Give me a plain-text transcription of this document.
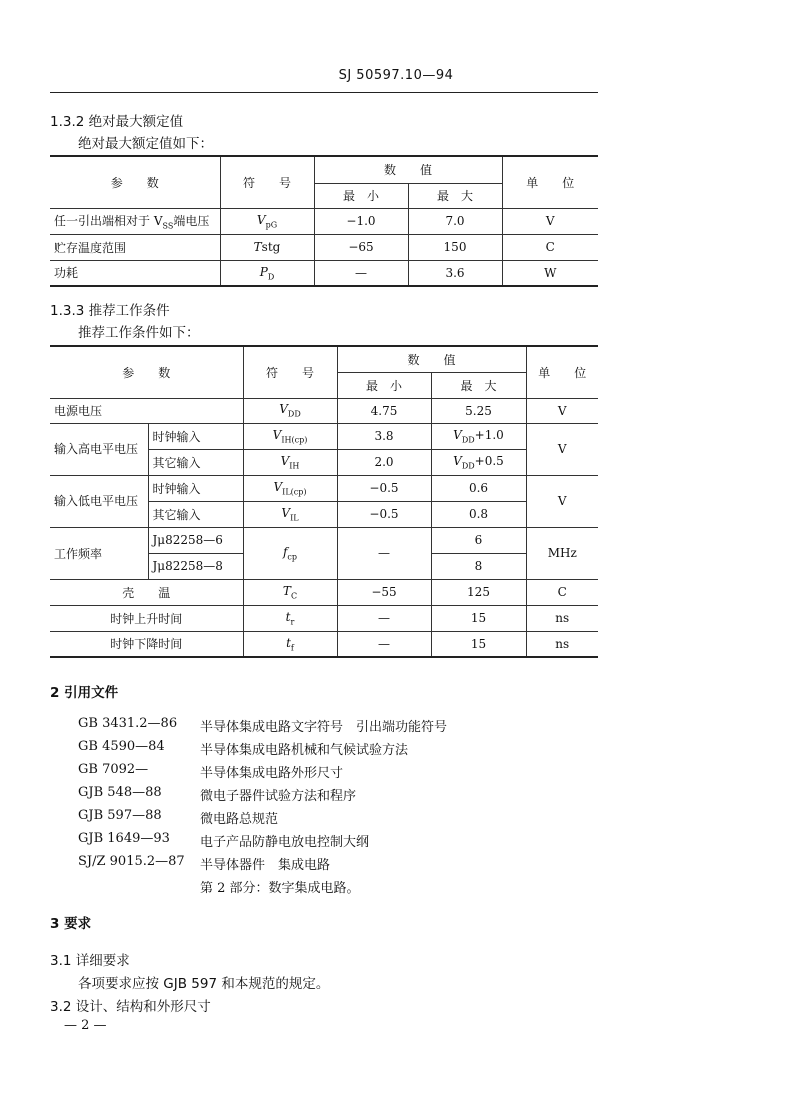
SJ 50597.10—94
1.3.2 绝对最大额定值
绝对最大额定值如下：
参　　数	符　　号	数　　值		单　　位
		最　小	最　大	
任一引出端相对于 $V_{SS}$端电压	$V_{pG}$	−1.0	7.0	V
贮存温度范围	Tstg	−65	150	C
功耗	$P_D$	—	3.6	W
1.3.3 推荐工作条件
推荐工作条件如下：
参　　数		符　　号	数　　值		单　　位
			最　小	最　大	
电源电压		$V_{DD}$	4.75	5.25	V
输入高电平电压	时钟输入	$V_{IH(cp)}$	3.8	$V_{DD}+1.0$	V
	其它输入	$V_{IH}$	2.0	$V_{DD}+0.5$	
输入低电平电压	时钟输入	$V_{IL(cp)}$	−0.5	0.6	V
	其它输入	$V_{IL}$	−0.5	0.8	
工作频率	Jμ82258—6	$f_{cp}$	—	6	MHz
	Jμ82258—8			8	
壳　　温		$T_C$	−55	125	C
时钟上升时间		$t_r$	—	15	ns
时钟下降时间		$t_f$	—	15	ns
2 引用文件
GB 3431.2—86 半导体集成电路文字符号　引出端功能符号
GB 4590—84	半导体集成电路机械和气候试验方法
GB 7092—	半导体集成电路外形尺寸
GJB 548—88	微电子器件试验方法和程序
GJB 597—88	微电路总规范
GJB 1649—93 电子产品防静电放电控制大纲
SJ/Z 9015.2—87 半导体器件　集成电路
第 2 部分：数字集成电路。
3 要求
3.1 详细要求
各项要求应按 GJB 597 和本规范的规定。
3.2 设计、结构和外形尺寸
— 2 —
